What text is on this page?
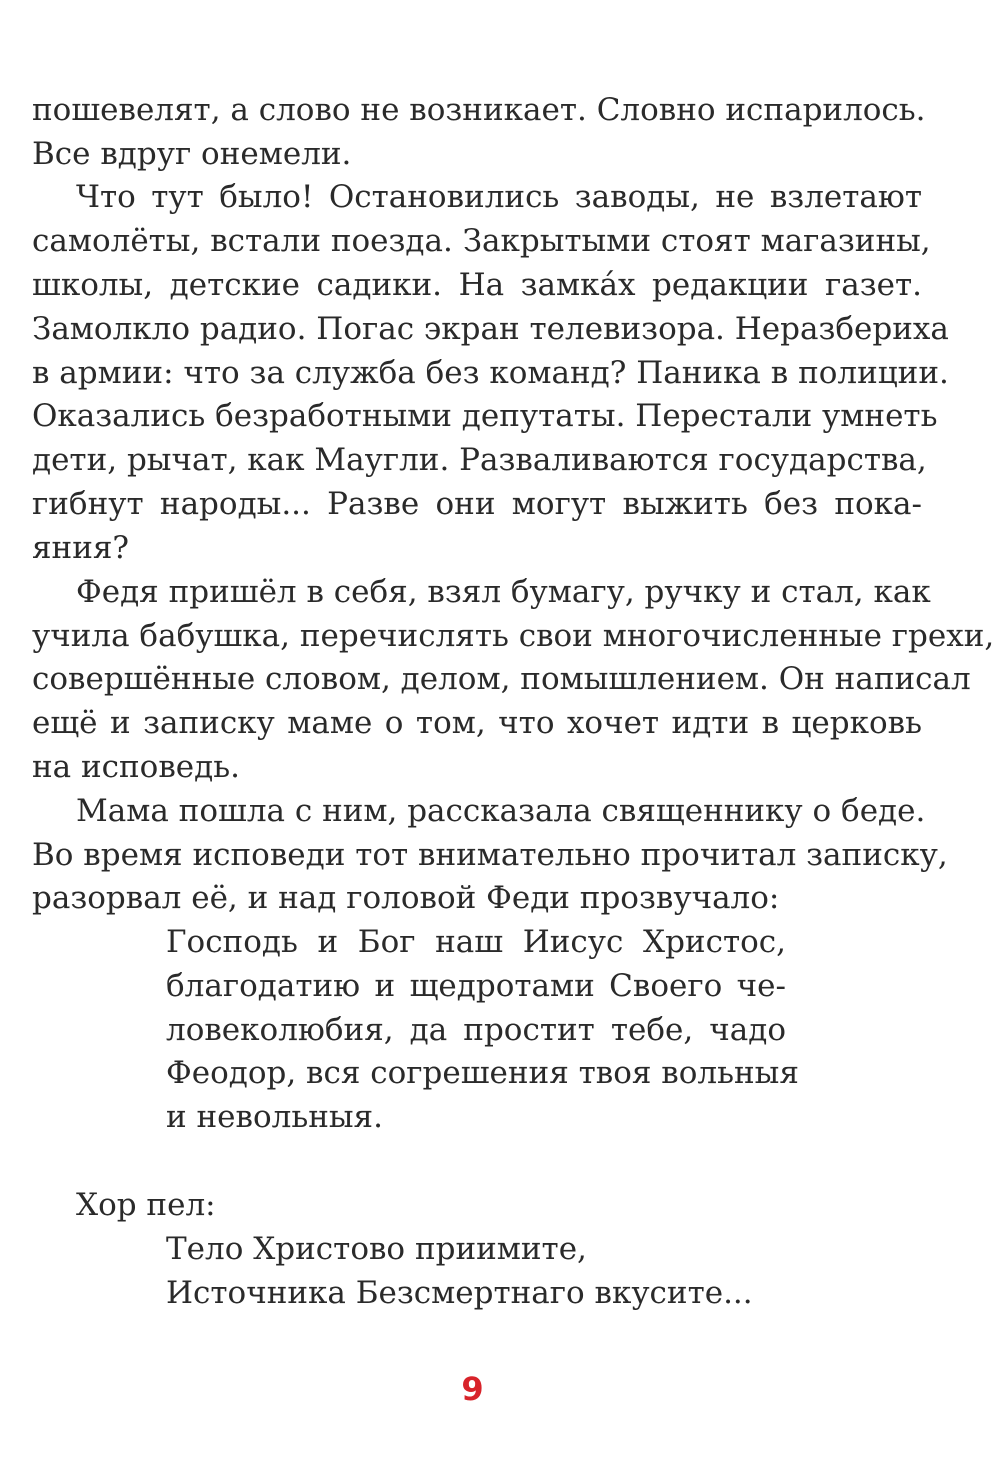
пошевелят, а слово не возникает. Словно испарилось.
Все вдруг онемели.
Что тут было! Остановились заводы, не взлетают
самолёты, встали поезда. Закрытыми стоят магазины,
школы, детские садики. На замка́х редакции газет.
Замолкло радио. Погас экран телевизора. Неразбериха
в армии: что за служба без команд? Паника в полиции.
Оказались безработными депутаты. Перестали умнеть
дети, рычат, как Маугли. Разваливаются государства,
гибнут народы... Разве они могут выжить без пока-
яния?
Федя пришёл в себя, взял бумагу, ручку и стал, как
учила бабушка, перечислять свои многочисленные грехи,
совершённые словом, делом, помышлением. Он написал
ещё и записку маме о том, что хочет идти в церковь
на исповедь.
Мама пошла с ним, рассказала священнику о беде.
Во время исповеди тот внимательно прочитал записку,
разорвал её, и над головой Феди прозвучало:
Господь и Бог наш Иисус Христос,
благодатию и щедротами Своего че-
ловеколюбия, да простит тебе, чадо
Феодор, вся согрешения твоя вольныя
и невольныя.
Хор пел:
Тело Христово приимите,
Источника Безсмертнаго вкусите...
9
